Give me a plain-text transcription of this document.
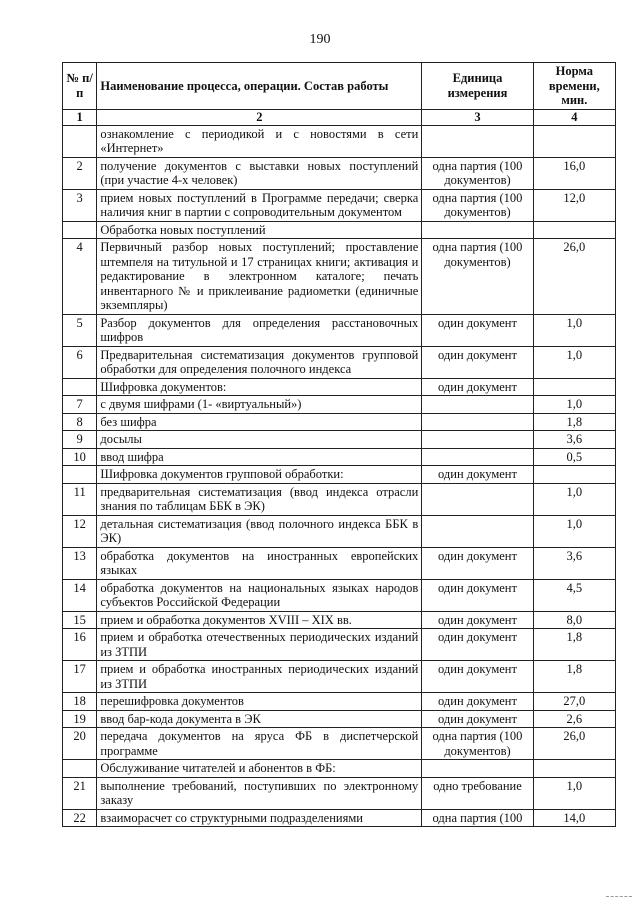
190
№ п/п	Наименование процесса, операции. Состав работы	Единица измерения	Норма времени, мин.
1	2	3	4
	ознакомление с периодикой и с новостями в сети «Интернет»		
2	получение документов с выставки новых поступлений (при участие 4-х человек)	одна партия (100 документов)	16,0
3	прием новых поступлений в Программе передачи; сверка наличия книг в партии с сопроводительным документом	одна партия (100 документов)	12,0
	Обработка новых поступлений		
4	Первичный разбор новых поступлений; проставление штемпеля на титульной и 17 страницах книги; активация и редактирование в электронном каталоге; печать инвентарного № и приклеивание радиометки (единичные экземпляры)	одна партия (100 документов)	26,0
5	Разбор документов для определения расстановочных шифров	один документ	1,0
6	Предварительная систематизация документов групповой обработки для определения полочного индекса	один документ	1,0
	Шифровка документов:	один документ	
7	с двумя шифрами (1- «виртуальный»)		1,0
8	без шифра		1,8
9	досылы		3,6
10	ввод шифра		0,5
	Шифровка документов групповой обработки:	один документ	
11	предварительная систематизация (ввод индекса отрасли знания по таблицам ББК в ЭК)		1,0
12	детальная систематизация (ввод полочного индекса ББК в ЭК)		1,0
13	обработка документов на иностранных европейских языках	один документ	3,6
14	обработка документов на национальных языках народов субъектов Российской Федерации	один документ	4,5
15	прием и обработка документов XVIII – XIX вв.	один документ	8,0
16	прием и обработка отечественных периодических изданий из ЗТПИ	один документ	1,8
17	прием и обработка иностранных периодических изданий из ЗТПИ	один документ	1,8
18	перешифровка документов	один документ	27,0
19	ввод бар-кода документа в ЭК	один документ	2,6
20	передача документов на яруса ФБ в диспетчерской программе	одна партия (100 документов)	26,0
	Обслуживание читателей и абонентов в ФБ:		
21	выполнение требований, поступивших по электронному заказу	одно требование	1,0
22	взаиморасчет со структурными подразделениями	одна партия (100	14,0
